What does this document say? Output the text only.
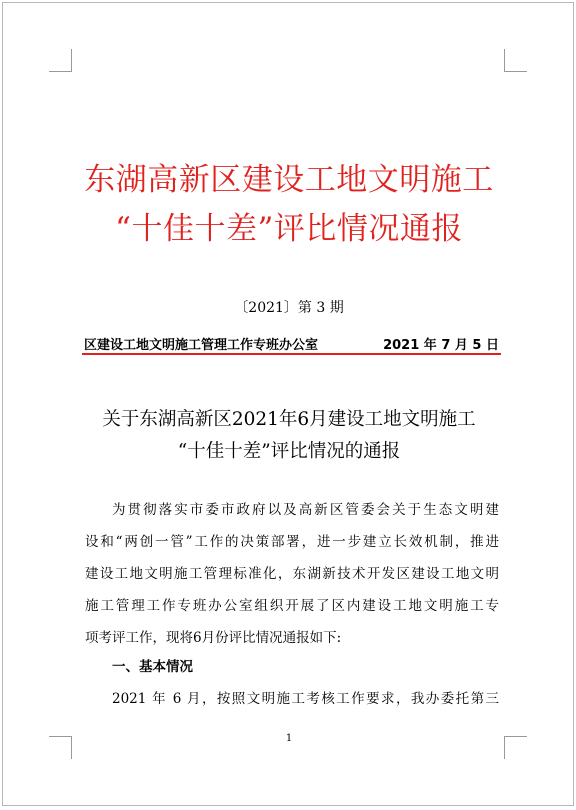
东湖高新区建设工地文明施工
“十佳十差”评比情况通报
〔2021〕第 3 期
区建设工地文明施工管理工作专班办公室	2021 年 7 月 5 日
关于东湖高新区2021年6月建设工地文明施工
“十佳十差”评比情况的通报
为贯彻落实市委市政府以及高新区管委会关于生态文明建
设和“两创一管”工作的决策部署，进一步建立长效机制，推进
建设工地文明施工管理标准化，东湖新技术开发区建设工地文明
施工管理工作专班办公室组织开展了区内建设工地文明施工专
项考评工作，现将6月份评比情况通报如下:
一、基本情况
2021 年 6 月，按照文明施工考核工作要求，我办委托第三
1
